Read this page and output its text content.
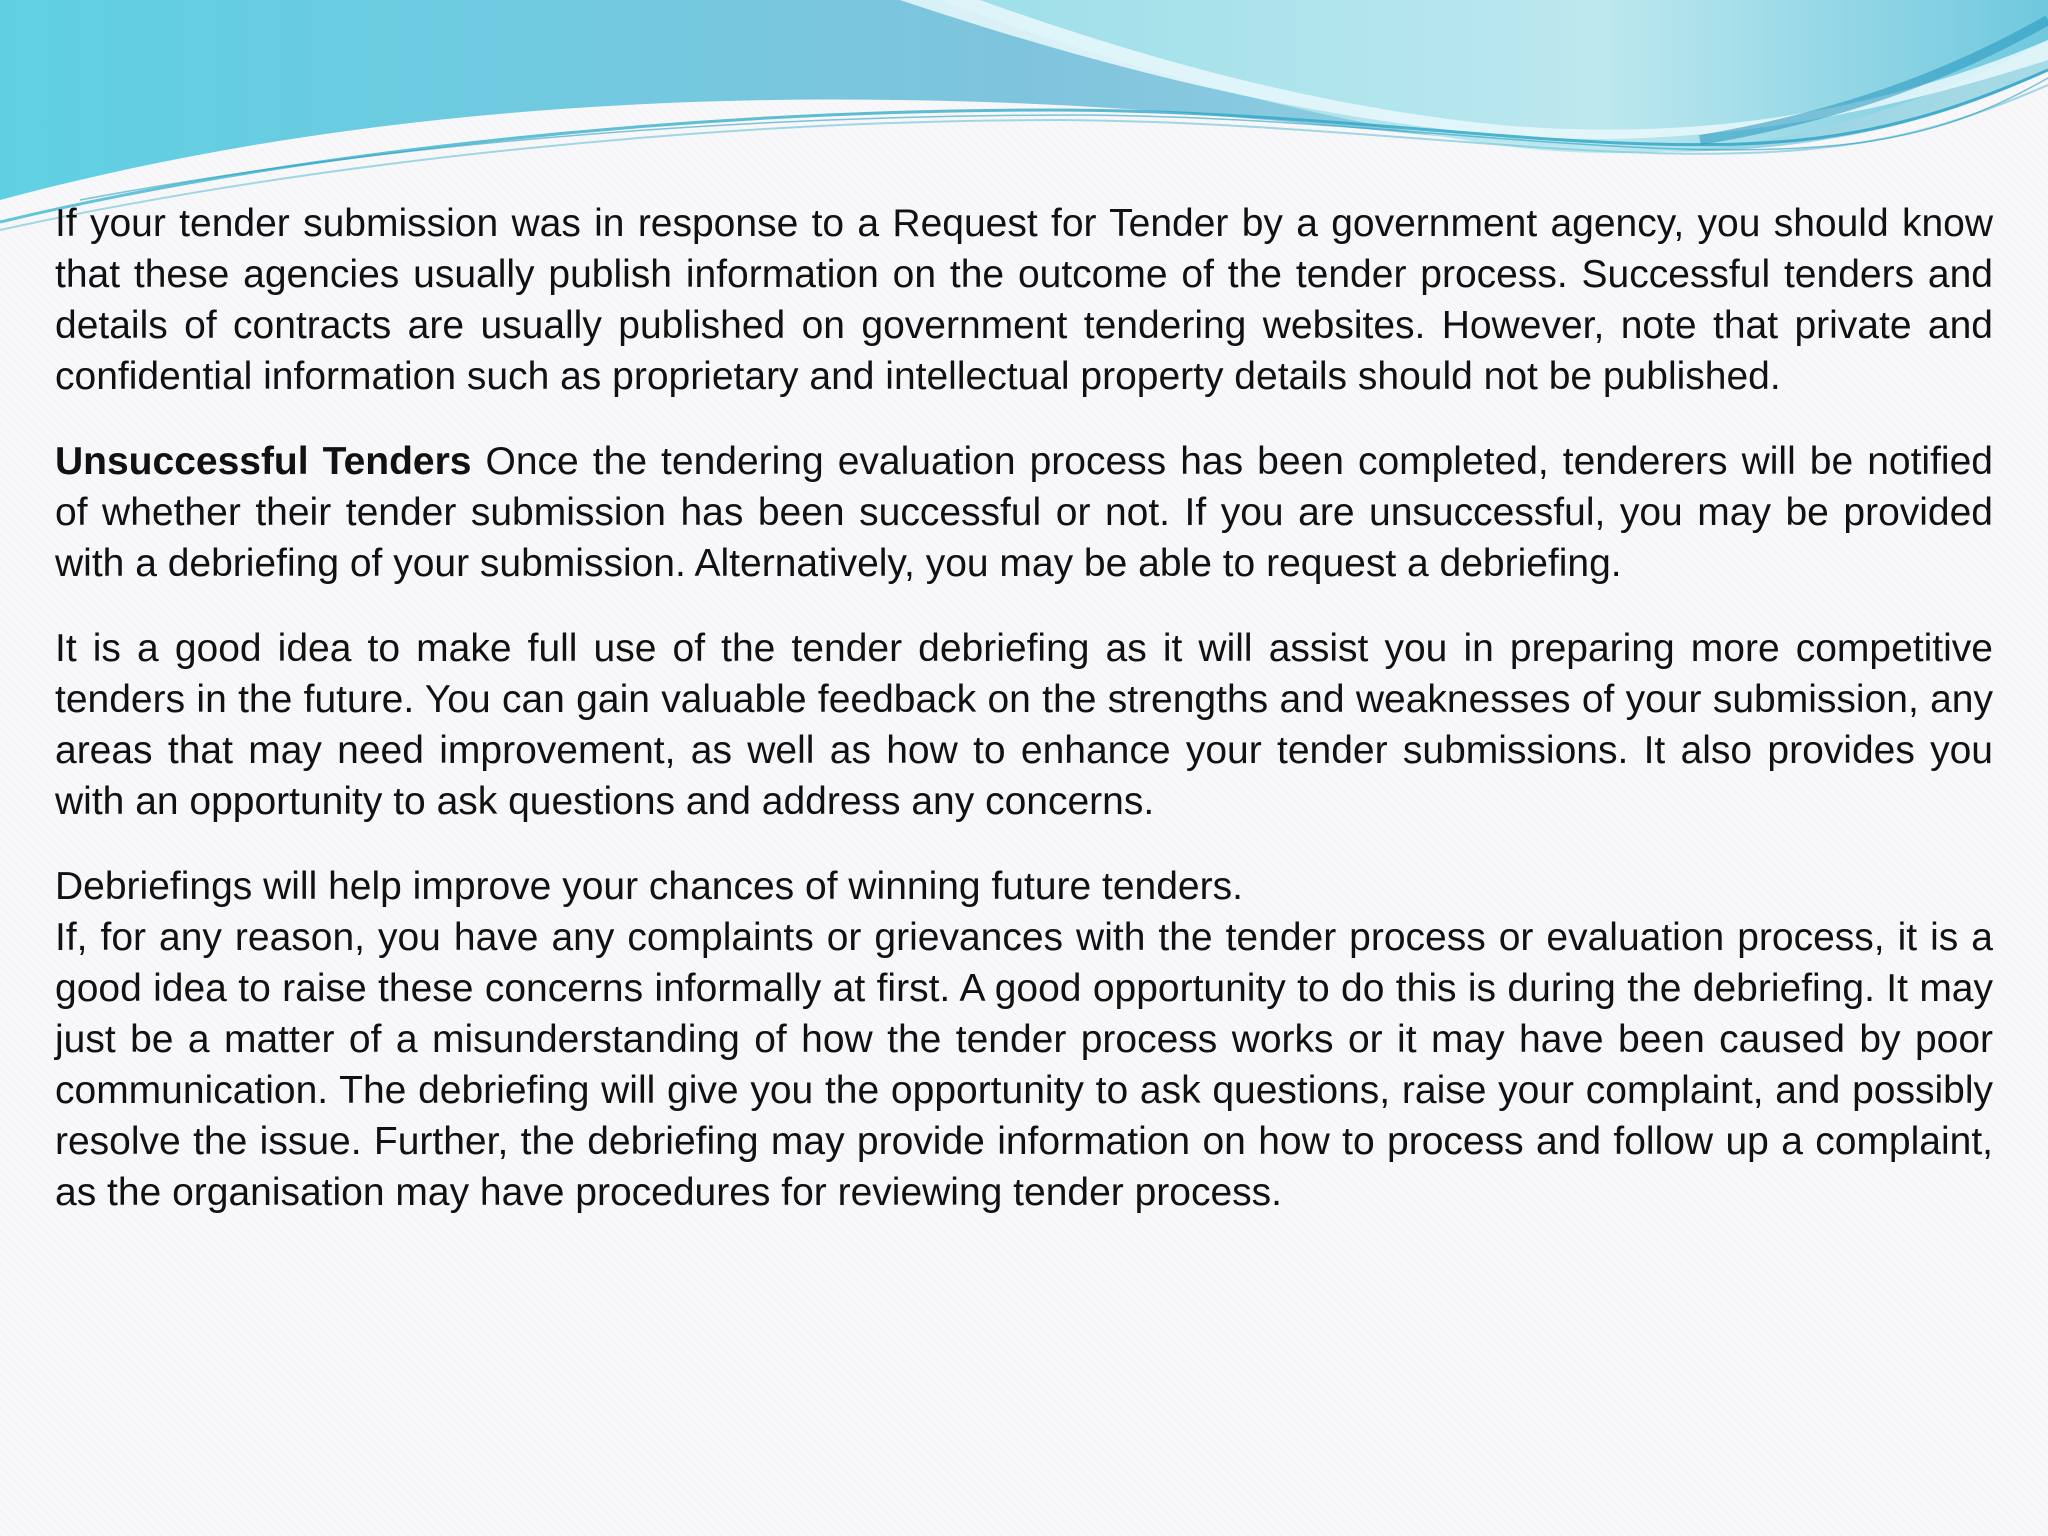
If your tender submission was in response to a Request for Tender by a government agency, you should know that these agencies usually publish information on the outcome of the tender process. Successful tenders and details of contracts are usually published on government tendering websites. However, note that private and confidential information such as proprietary and intellectual property details should not be published.

Unsuccessful Tenders Once the tendering evaluation process has been completed, tenderers will be notified of whether their tender submission has been successful or not. If you are unsuccessful, you may be provided with a debriefing of your submission. Alternatively, you may be able to request a debriefing.

It is a good idea to make full use of the tender debriefing as it will assist you in preparing more competitive tenders in the future. You can gain valuable feedback on the strengths and weaknesses of your submission, any areas that may need improvement, as well as how to enhance your tender submissions. It also provides you with an opportunity to ask questions and address any concerns.

Debriefings will help improve your chances of winning future tenders.

If, for any reason, you have any complaints or grievances with the tender process or evaluation process, it is a good idea to raise these concerns informally at first. A good opportunity to do this is during the debriefing. It may just be a matter of a misunderstanding of how the tender process works or it may have been caused by poor communication. The debriefing will give you the opportunity to ask questions, raise your complaint, and possibly resolve the issue. Further, the debriefing may provide information on how to process and follow up a complaint, as the organisation may have procedures for reviewing tender process.
